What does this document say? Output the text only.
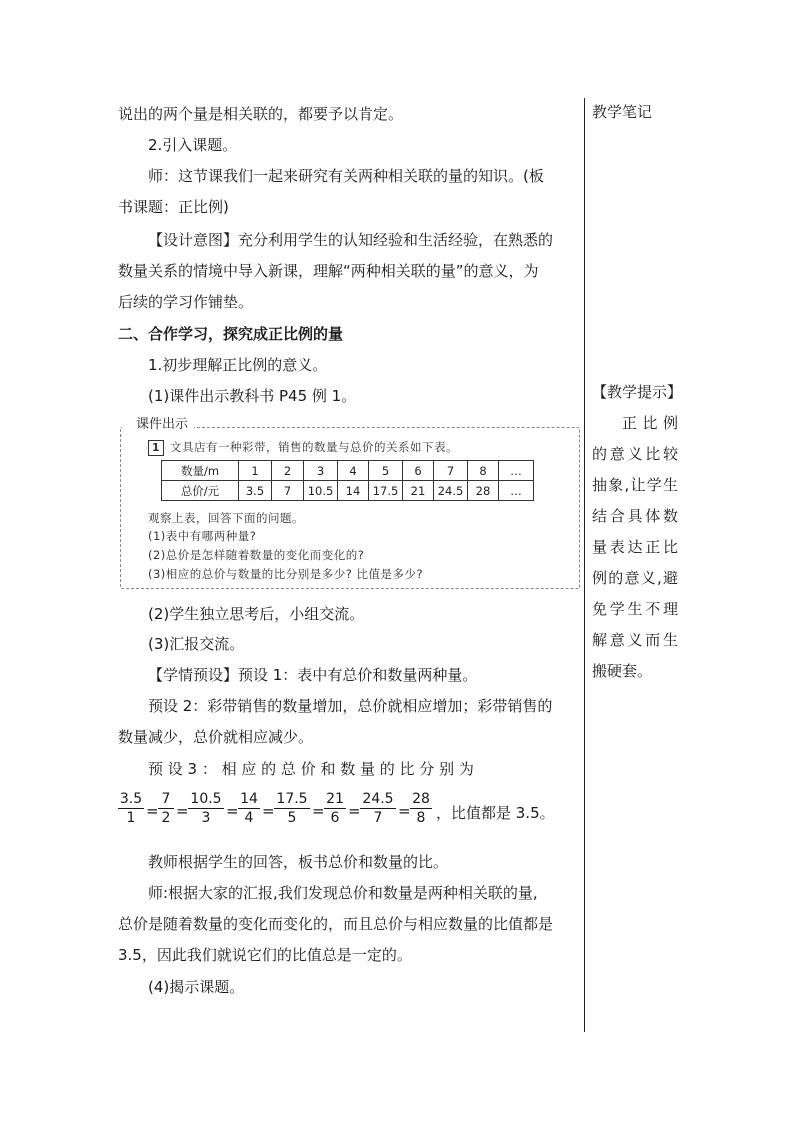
说出的两个量是相关联的，都要予以肯定。
2.引入课题。
师：这节课我们一起来研究有关两种相关联的量的知识。(板
书课题：正比例)
【设计意图】充分利用学生的认知经验和生活经验，在熟悉的
数量关系的情境中导入新课，理解“两种相关联的量”的意义，为
后续的学习作铺垫。
二、合作学习，探究成正比例的量
1.初步理解正比例的意义。
(1)课件出示教科书 P45 例 1。
课件出示
1 文具店有一种彩带，销售的数量与总价的关系如下表。
数量/m	1	2	3	4	5	6	7	8	…
总价/元	3.5	7	10.5	14	17.5	21	24.5	28	…
观察上表，回答下面的问题。
(1)表中有哪两种量?
(2)总价是怎样随着数量的变化而变化的?
(3)相应的总价与数量的比分别是多少? 比值是多少?
(2)学生独立思考后，小组交流。
(3)汇报交流。
【学情预设】预设 1：表中有总价和数量两种量。
预设 2：彩带销售的数量增加，总价就相应增加；彩带销售的
数量减少，总价就相应减少。
预 设 3 ： 相 应 的 总 价 和 数 量 的 比 分 别 为
3.5
1 =
7
2 =
10.5
3	=
14
4 =
17.5
5	=
21
6 =
24.5
7	=
28
8 ，比值都是 3.5。
教师根据学生的回答，板书总价和数量的比。
师:根据大家的汇报,我们发现总价和数量是两种相关联的量,
总价是随着数量的变化而变化的，而且总价与相应数量的比值都是
3.5，因此我们就说它们的比值总是一定的。
(4)揭示课题。
教学笔记
【教学提示】
正比例的意义比较抽象,让学生结合具体数量表达正比例的意义,避免学生不理解意义而生搬硬套。
